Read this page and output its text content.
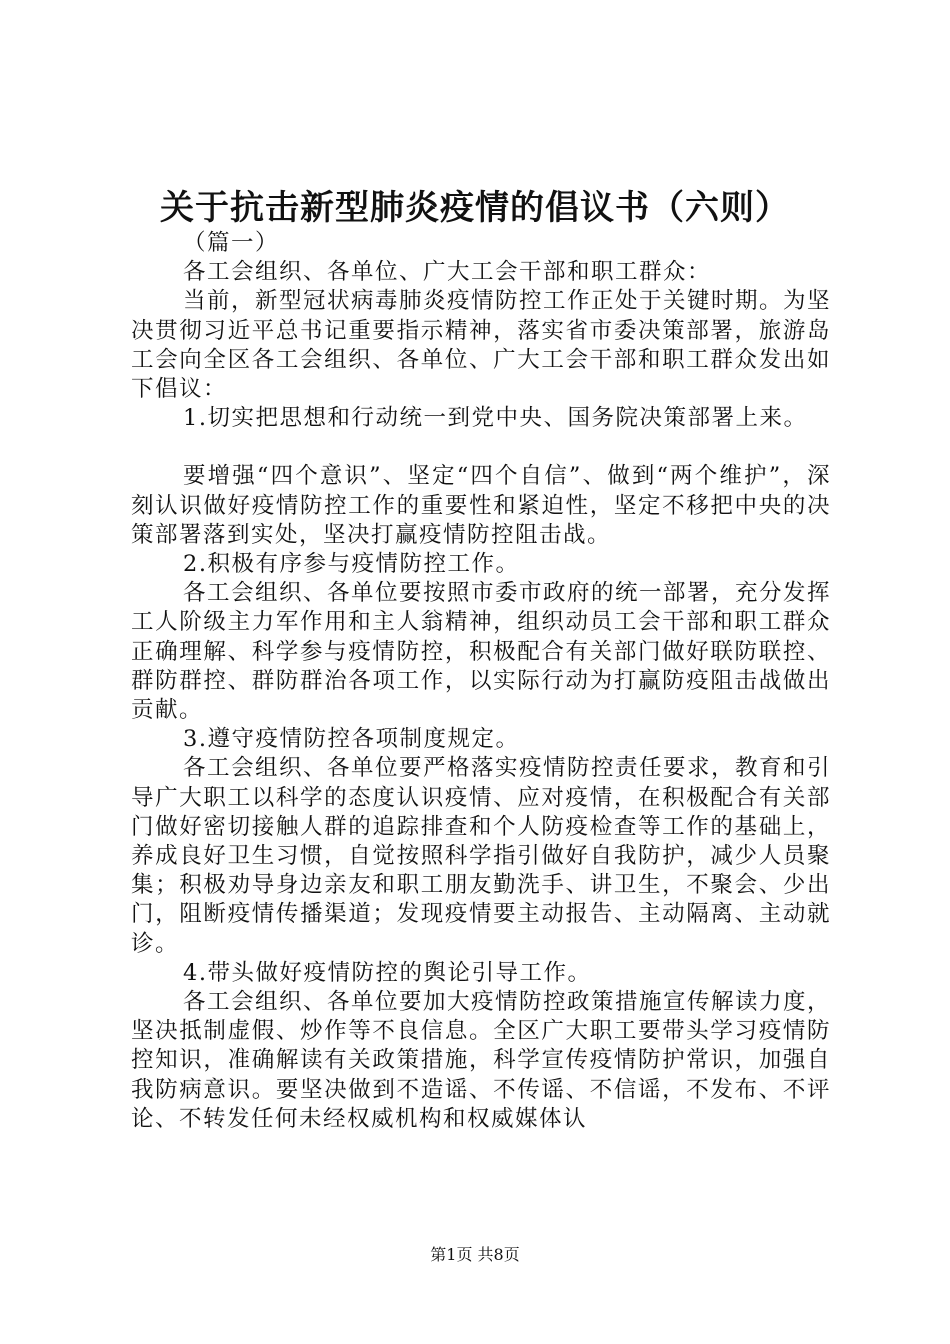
关于抗击新型肺炎疫情的倡议书（六则）

（篇一）

各工会组织、各单位、广大工会干部和职工群众：

当前，新型冠状病毒肺炎疫情防控工作正处于关键时期。为坚决贯彻习近平总书记重要指示精神，落实省市委决策部署，旅游岛工会向全区各工会组织、各单位、广大工会干部和职工群众发出如下倡议：

1.切实把思想和行动统一到党中央、国务院决策部署上来。

要增强“四个意识”、坚定“四个自信”、做到“两个维护”，深刻认识做好疫情防控工作的重要性和紧迫性，坚定不移把中央的决策部署落到实处，坚决打赢疫情防控阻击战。

2.积极有序参与疫情防控工作。

各工会组织、各单位要按照市委市政府的统一部署，充分发挥工人阶级主力军作用和主人翁精神，组织动员工会干部和职工群众正确理解、科学参与疫情防控，积极配合有关部门做好联防联控、群防群控、群防群治各项工作，以实际行动为打赢防疫阻击战做出贡献。

3.遵守疫情防控各项制度规定。

各工会组织、各单位要严格落实疫情防控责任要求，教育和引导广大职工以科学的态度认识疫情、应对疫情，在积极配合有关部门做好密切接触人群的追踪排查和个人防疫检查等工作的基础上，养成良好卫生习惯，自觉按照科学指引做好自我防护，减少人员聚集；积极劝导身边亲友和职工朋友勤洗手、讲卫生，不聚会、少出门，阻断疫情传播渠道；发现疫情要主动报告、主动隔离、主动就诊。

4.带头做好疫情防控的舆论引导工作。

各工会组织、各单位要加大疫情防控政策措施宣传解读力度，坚决抵制虚假、炒作等不良信息。全区广大职工要带头学习疫情防控知识，准确解读有关政策措施，科学宣传疫情防护常识，加强自我防病意识。要坚决做到不造谣、不传谣、不信谣，不发布、不评论、不转发任何未经权威机构和权威媒体认

第1页 共8页
